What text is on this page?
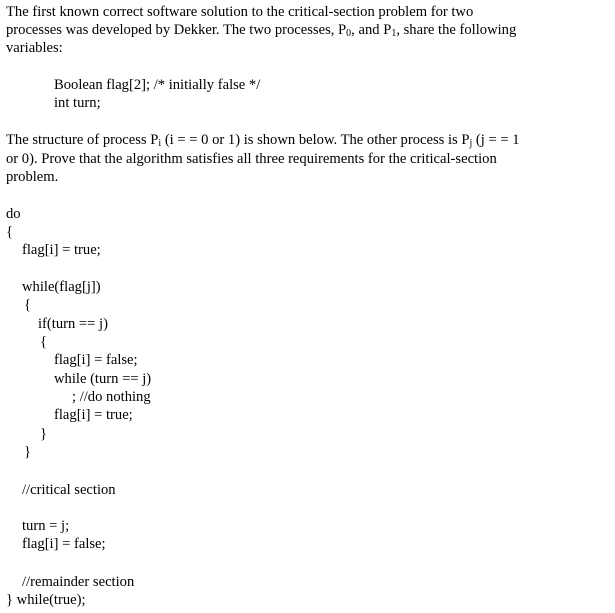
The first known correct software solution to the critical-section problem for two
processes was developed by Dekker. The two processes, $P_0$, and $P_1$, share the following
variables:
Boolean flag[2]; /* initially false */
int turn;
The structure of process $P_i$ (i = = 0 or 1) is shown below. The other process is $P_j$ (j = = 1
or 0). Prove that the algorithm satisfies all three requirements for the critical-section
problem.
do
{
flag[i] = true;
while(flag[j])
{
if(turn == j)
{
flag[i] = false;
while (turn == j)
; //do nothing
flag[i] = true;
}
}
//critical section
turn = j;
flag[i] = false;
//remainder section
} while(true);
